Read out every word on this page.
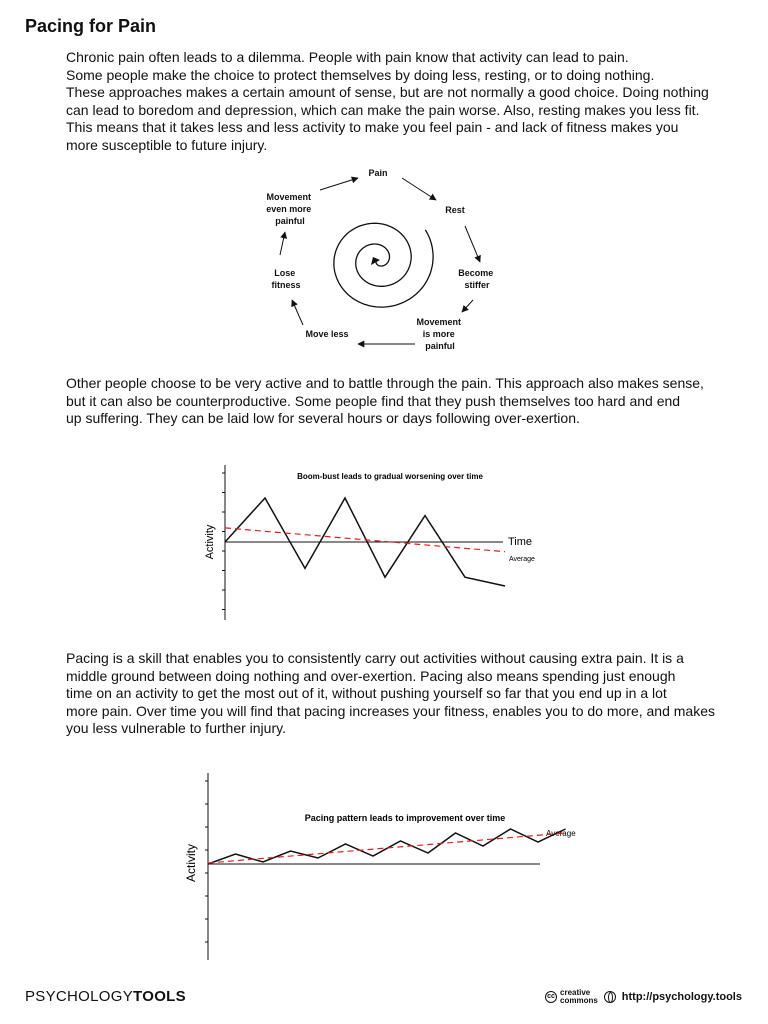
Pacing for Pain

Chronic pain often leads to a dilemma. People with pain know that activity can lead to pain.
Some people make the choice to protect themselves by doing less, resting, or to doing nothing.
These approaches makes a certain amount of sense, but are not normally a good choice. Doing nothing
can lead to boredom and depression, which can make the pain worse. Also, resting makes you less fit.
This means that it takes less and less activity to make you feel pain - and lack of fitness makes you
more susceptible to future injury.

Pain
Rest
Become stiffer
Movement is more painful
Move less
Lose fitness
Movement even more painful

Other people choose to be very active and to battle through the pain. This approach also makes sense,
but it can also be counterproductive. Some people find that they push themselves too hard and end
up suffering. They can be laid low for several hours or days following over-exertion.

Boom-bust leads to gradual worsening over time
Time
Activity
Average

Pacing is a skill that enables you to consistently carry out activities without causing extra pain. It is a
middle ground between doing nothing and over-exertion. Pacing also means spending just enough
time on an activity to get the most out of it, without pushing yourself so far that you end up in a lot
more pain. Over time you will find that pacing increases your fitness, enables you to do more, and makes
you less vulnerable to further injury.

Pacing pattern leads to improvement over time
Activity
Average
PSYCHOLOGYTOOLS	cc creative
commons http://psychology.tools
